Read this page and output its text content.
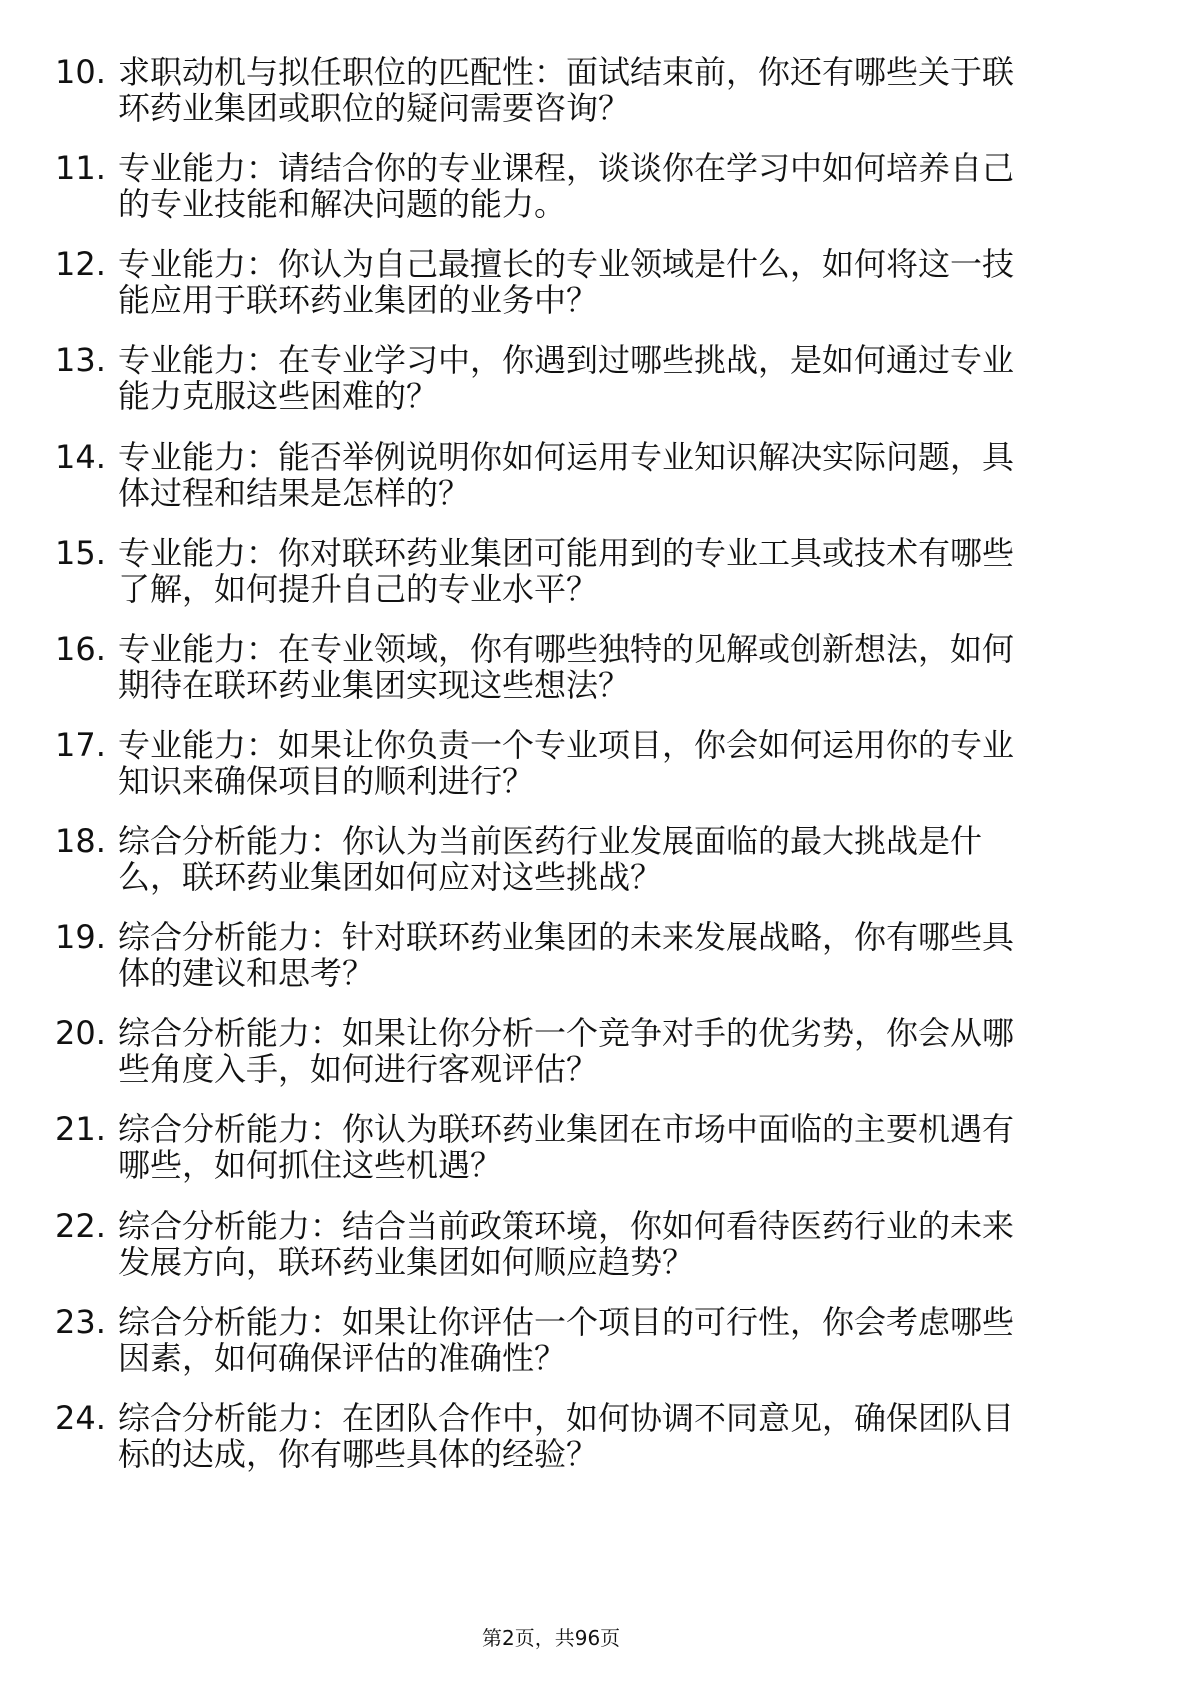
10. 求职动机与拟任职位的匹配性：面试结束前，你还有哪些关于联环药业集团或职位的疑问需要咨询？
11. 专业能力：请结合你的专业课程，谈谈你在学习中如何培养自己的专业技能和解决问题的能力。
12. 专业能力：你认为自己最擅长的专业领域是什么，如何将这一技能应用于联环药业集团的业务中？
13. 专业能力：在专业学习中，你遇到过哪些挑战，是如何通过专业能力克服这些困难的？
14. 专业能力：能否举例说明你如何运用专业知识解决实际问题，具体过程和结果是怎样的？
15. 专业能力：你对联环药业集团可能用到的专业工具或技术有哪些了解，如何提升自己的专业水平？
16. 专业能力：在专业领域，你有哪些独特的见解或创新想法，如何期待在联环药业集团实现这些想法？
17. 专业能力：如果让你负责一个专业项目，你会如何运用你的专业知识来确保项目的顺利进行？
18. 综合分析能力：你认为当前医药行业发展面临的最大挑战是什么，联环药业集团如何应对这些挑战？
19. 综合分析能力：针对联环药业集团的未来发展战略，你有哪些具体的建议和思考？
20. 综合分析能力：如果让你分析一个竞争对手的优劣势，你会从哪些角度入手，如何进行客观评估？
21. 综合分析能力：你认为联环药业集团在市场中面临的主要机遇有哪些，如何抓住这些机遇？
22. 综合分析能力：结合当前政策环境，你如何看待医药行业的未来发展方向，联环药业集团如何顺应趋势？
23. 综合分析能力：如果让你评估一个项目的可行性，你会考虑哪些因素，如何确保评估的准确性？
24. 综合分析能力：在团队合作中，如何协调不同意见，确保团队目标的达成，你有哪些具体的经验？
第2页，共96页
